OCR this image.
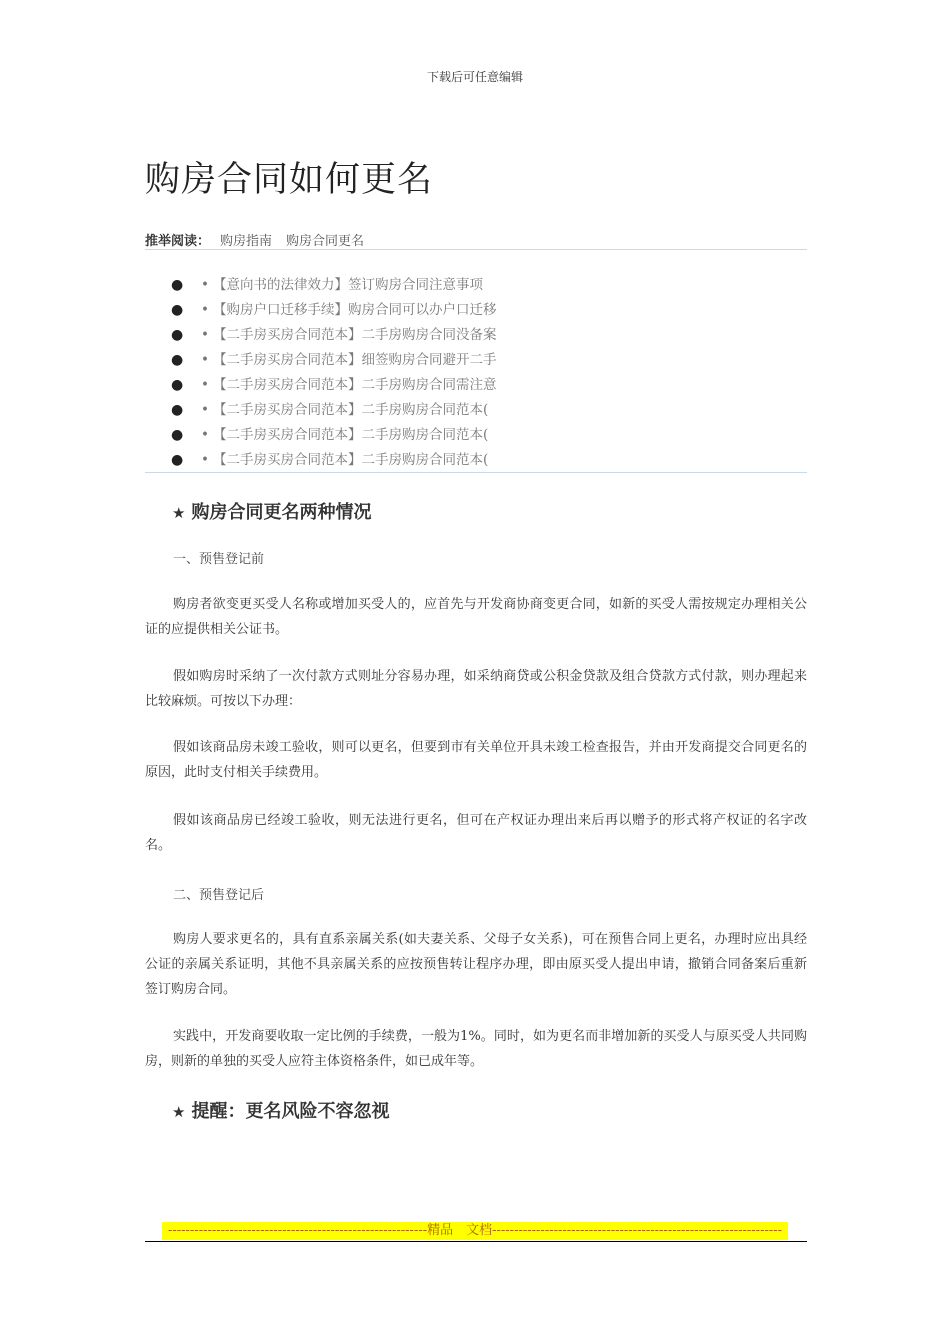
下载后可任意编辑
购房合同如何更名
推举阅读： 购房指南 购房合同更名
● • 【意向书的法律效力】签订购房合同注意事项
● • 【购房户口迁移手续】购房合同可以办户口迁移
● • 【二手房买房合同范本】二手房购房合同没备案
● • 【二手房买房合同范本】细签购房合同避开二手
● • 【二手房买房合同范本】二手房购房合同需注意
● • 【二手房买房合同范本】二手房购房合同范本(
● • 【二手房买房合同范本】二手房购房合同范本(
● • 【二手房买房合同范本】二手房购房合同范本(
★ 购房合同更名两种情况
一、预售登记前

购房者欲变更买受人名称或增加买受人的，应首先与开发商协商变更合同，如新的买受人需按规定办理相关公证的应提供相关公证书。

假如购房时采纳了一次付款方式则址分容易办理，如采纳商贷或公积金贷款及组合贷款方式付款，则办理起来比较麻烦。可按以下办理：

假如该商品房未竣工验收，则可以更名，但要到市有关单位开具未竣工检查报告，并由开发商提交合同更名的原因，此时支付相关手续费用。

假如该商品房已经竣工验收，则无法进行更名，但可在产权证办理出来后再以赠予的形式将产权证的名字改名。

二、预售登记后

购房人要求更名的，具有直系亲属关系(如夫妻关系、父母子女关系)，可在预售合同上更名，办理时应出具经公证的亲属关系证明，其他不具亲属关系的应按预售转让程序办理，即由原买受人提出申请，撤销合同备案后重新签订购房合同。

实践中，开发商要收取一定比例的手续费，一般为1%。同时，如为更名而非增加新的买受人与原买受人共同购房，则新的单独的买受人应符主体资格条件，如已成年等。

★ 提醒：更名风险不容忽视
-----------------------------------------------------------精品　文档------------------------------------------------------------------
